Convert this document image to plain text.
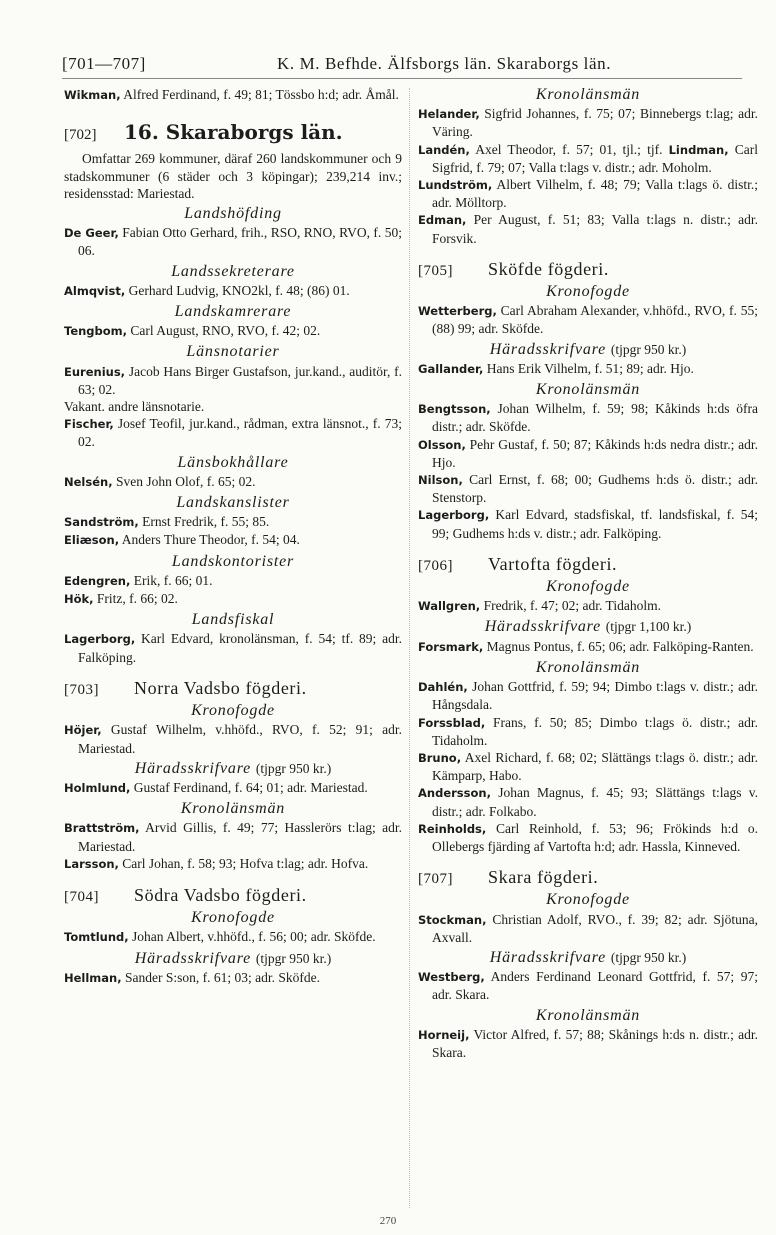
[701—707]	K. M. Befhde. Älfsborgs län. Skaraborgs län.

Wikman, Alfred Ferdinand, f. 49; 81; Tössbo h:d; adr. Åmål.

[702]	16. Skaraborgs län.

Omfattar 269 kommuner, däraf 260 landskommuner och 9 stadskommuner (6 städer och 3 köpingar); 239,214 inv.; residensstad: Mariestad.

Landshöfding

De Geer, Fabian Otto Gerhard, frih., RSO, RNO, RVO, f. 50; 06.

Landssekreterare

Almqvist, Gerhard Ludvig, KNO2kl, f. 48; (86) 01.

Landskamrerare

Tengbom, Carl August, RNO, RVO, f. 42; 02.

Länsnotarier

Eurenius, Jacob Hans Birger Gustafson, jur.kand., auditör, f. 63; 02.

Vakant. andre länsnotarie.

Fischer, Josef Teofil, jur.kand., rådman, extra länsnot., f. 73; 02.

Länsbokhållare

Nelsén, Sven John Olof, f. 65; 02.

Landskanslister

Sandström, Ernst Fredrik, f. 55; 85.

Eliæson, Anders Thure Theodor, f. 54; 04.

Landskontorister

Edengren, Erik, f. 66; 01.

Hök, Fritz, f. 66; 02.

Landsfiskal

Lagerborg, Karl Edvard, kronolänsman, f. 54; tf. 89; adr. Falköping.

[703]	Norra Vadsbo fögderi.
Kronofogde

Höjer, Gustaf Wilhelm, v.hhöfd., RVO, f. 52; 91; adr. Mariestad.

Häradsskrifvare (tjpgr 950 kr.)

Holmlund, Gustaf Ferdinand, f. 64; 01; adr. Mariestad.

Kronolänsmän

Brattström, Arvid Gillis, f. 49; 77; Hasslerörs t:lag; adr. Mariestad.

Larsson, Carl Johan, f. 58; 93; Hofva t:lag; adr. Hofva.

[704]	Södra Vadsbo fögderi.
Kronofogde

Tomtlund, Johan Albert, v.hhöfd., f. 56; 00; adr. Sköfde.

Häradsskrifvare (tjpgr 950 kr.)

Hellman, Sander S:son, f. 61; 03; adr. Sköfde.

Kronolänsmän

Helander, Sigfrid Johannes, f. 75; 07; Binnebergs t:lag; adr. Väring.

Landén, Axel Theodor, f. 57; 01, tjl.; tjf. Lindman, Carl Sigfrid, f. 79; 07; Valla t:lags v. distr.; adr. Moholm.

Lundström, Albert Vilhelm, f. 48; 79; Valla t:lags ö. distr.; adr. Mölltorp.

Edman, Per August, f. 51; 83; Valla t:lags n. distr.; adr. Forsvik.

[705]	Sköfde fögderi.
Kronofogde

Wetterberg, Carl Abraham Alexander, v.hhöfd., RVO, f. 55; (88) 99; adr. Sköfde.

Häradsskrifvare (tjpgr 950 kr.)

Gallander, Hans Erik Vilhelm, f. 51; 89; adr. Hjo.

Kronolänsmän

Bengtsson, Johan Wilhelm, f. 59; 98; Kåkinds h:ds öfra distr.; adr. Sköfde.

Olsson, Pehr Gustaf, f. 50; 87; Kåkinds h:ds nedra distr.; adr. Hjo.

Nilson, Carl Ernst, f. 68; 00; Gudhems h:ds ö. distr.; adr. Stenstorp.

Lagerborg, Karl Edvard, stadsfiskal, tf. landsfiskal, f. 54; 99; Gudhems h:ds v. distr.; adr. Falköping.

[706]	Vartofta fögderi.
Kronofogde

Wallgren, Fredrik, f. 47; 02; adr. Tidaholm.

Häradsskrifvare (tjpgr 1,100 kr.)

Forsmark, Magnus Pontus, f. 65; 06; adr. Falköping-Ranten.

Kronolänsmän

Dahlén, Johan Gottfrid, f. 59; 94; Dimbo t:lags v. distr.; adr. Hångsdala.

Forssblad, Frans, f. 50; 85; Dimbo t:lags ö. distr.; adr. Tidaholm.

Bruno, Axel Richard, f. 68; 02; Slättängs t:lags ö. distr.; adr. Kämparp, Habo.

Andersson, Johan Magnus, f. 45; 93; Slättängs t:lags v. distr.; adr. Folkabo.

Reinholds, Carl Reinhold, f. 53; 96; Frökinds h:d o. Ollebergs fjärding af Vartofta h:d; adr. Hassla, Kinneved.

[707]	Skara fögderi.
Kronofogde

Stockman, Christian Adolf, RVO., f. 39; 82; adr. Sjötuna, Axvall.

Häradsskrifvare (tjpgr 950 kr.)

Westberg, Anders Ferdinand Leonard Gottfrid, f. 57; 97; adr. Skara.

Kronolänsmän

Horneij, Victor Alfred, f. 57; 88; Skånings h:ds n. distr.; adr. Skara.

270
